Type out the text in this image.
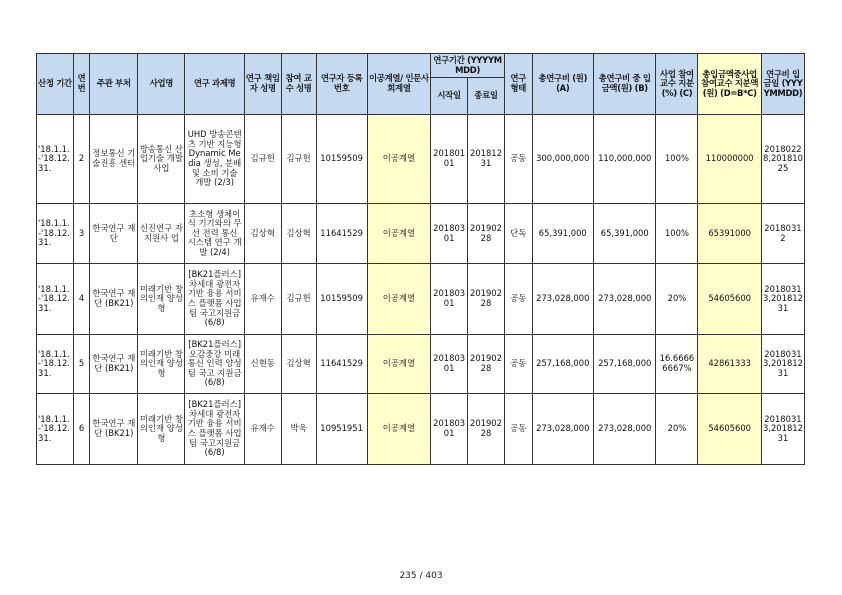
산정 기간	연번	주관 부처	사업명	연구 과제명	연구 책임자 성명	참여 교수 성명	연구자 등록번호	이공계열/ 인문사회계열	연구기간 (YYYYMMDD)		연구 형태	총연구비 (원) (A)	총연구비 중 입금액(원) (B)	사업 참여 교수 지분(%) (C)	총입금액중사업참여교수 지분액 (원) (D=B*C)	연구비 입금일 (YYYYMMDD)
									시작일	종료일						
'18.1.1.-'18.12.31.	2	정보통신 기술진흥 센터	방송통신 산업기술 개발사업	UHD 방송콘텐츠 기반 지능형 Dynamic Media 생성, 분배 및 소비 기술 개발 (2/3)	김규헌	김규헌	10159509	이공계열	20180101	20181231	공동	300,000,000	110,000,000	100%	110000000	20180228,20181025
'18.1.1.-'18.12.31.	3	한국연구 재단	신진연구 자지원사 업	초소형 생체이식 기기와의 무선 전력 통신 시스템 연구 개발 (2/4)	김상혁	김상혁	11641529	이공계열	20180301	20190228	단독	65,391,000	65,391,000	100%	65391000	20180312
'18.1.1.-'18.12.31.	4	한국연구 재단 (BK21)	미래기반 창의인재 양성형	[BK21플러스]차세대 광전자기반 융용 서비스 플랫폼 사업팀 국고지원금 (6/8)	유재수	김규헌	10159509	이공계열	20180301	20190228	공동	273,028,000	273,028,000	20%	54605600	20180313,20181231
'18.1.1.-'18.12.31.	5	한국연구 재단 (BK21)	미래기반 창의인재 양성형	[BK21플러스]오감중강 미래통신 인력 양성팀 국고 지원금(6/8)	신현동	김상혁	11641529	이공계열	20180301	20190228	공동	257,168,000	257,168,000	16.66666667%	42861333	20180313,20181231
'18.1.1.-'18.12.31.	6	한국연구 재단 (BK21)	미래기반 창의인재 양성형	[BK21플러스]차세대 광전자기반 융용 서비스 플랫폼 사업팀 국고지원금 (6/8)	유재수	박욱	10951951	이공계열	20180301	20190228	공동	273,028,000	273,028,000	20%	54605600	20180313,20181231
235 / 403
